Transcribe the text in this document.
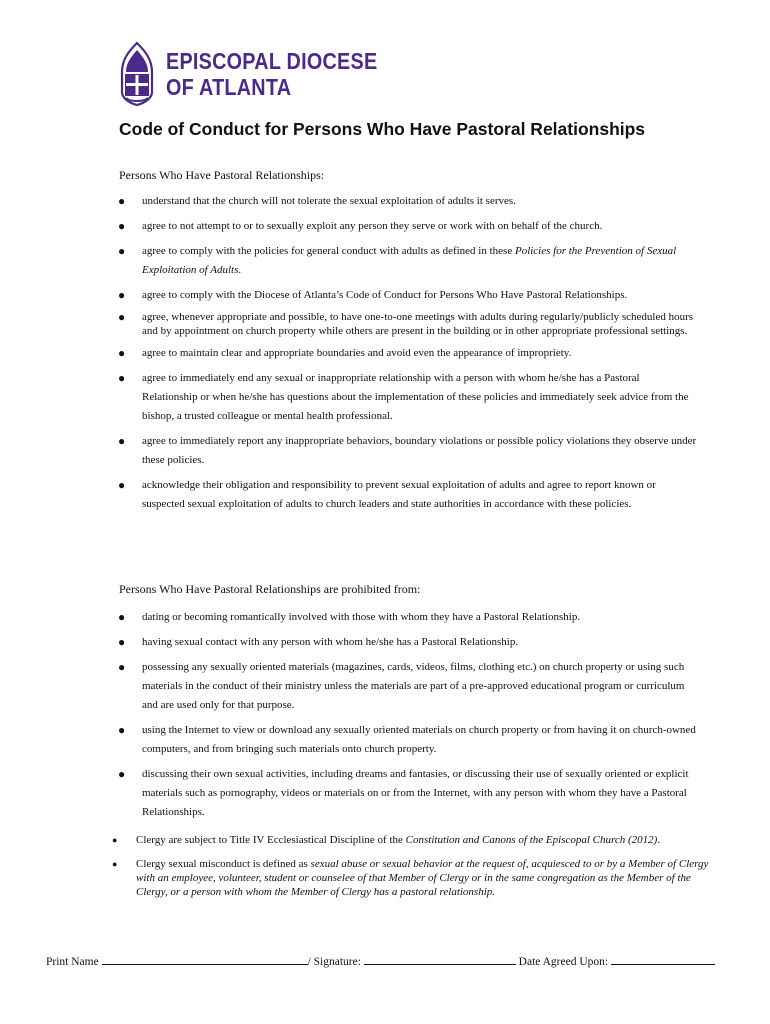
EPISCOPAL DIOCESE
OF ATLANTA
Code of Conduct for Persons Who Have Pastoral Relationships
Persons Who Have Pastoral Relationships:
● understand that the church will not tolerate the sexual exploitation of adults it serves.
● agree to not attempt to or to sexually exploit any person they serve or work with on behalf of the church.
● agree to comply with the policies for general conduct with adults as defined in these Policies for the Prevention of Sexual Exploitation of Adults.
● agree to comply with the Diocese of Atlanta’s Code of Conduct for Persons Who Have Pastoral Relationships.
● agree, whenever appropriate and possible, to have one-to-one meetings with adults during regularly/publicly scheduled hours and by appointment on church property while others are present in the building or in other appropriate professional settings.
● agree to maintain clear and appropriate boundaries and avoid even the appearance of impropriety.
● agree to immediately end any sexual or inappropriate relationship with a person with whom he/she has a Pastoral Relationship or when he/she has questions about the implementation of these policies and immediately seek advice from the bishop, a trusted colleague or mental health professional.
● agree to immediately report any inappropriate behaviors, boundary violations or possible policy violations they observe under these policies.
● acknowledge their obligation and responsibility to prevent sexual exploitation of adults and agree to report known or suspected sexual exploitation of adults to church leaders and state authorities in accordance with these policies.
Persons Who Have Pastoral Relationships are prohibited from:
● dating or becoming romantically involved with those with whom they have a Pastoral Relationship.
● having sexual contact with any person with whom he/she has a Pastoral Relationship.
● possessing any sexually oriented materials (magazines, cards, videos, films, clothing etc.) on church property or using such materials in the conduct of their ministry unless the materials are part of a pre-approved educational program or curriculum and are used only for that purpose.
● using the Internet to view or download any sexually oriented materials on church property or from having it on church-owned computers, and from bringing such materials onto church property.
● discussing their own sexual activities, including dreams and fantasies, or discussing their use of sexually oriented or explicit materials such as pornography, videos or materials on or from the Internet, with any person with whom they have a Pastoral Relationships.
● Clergy are subject to Title IV Ecclesiastical Discipline of the Constitution and Canons of the Episcopal Church (2012).
● Clergy sexual misconduct is defined as sexual abuse or sexual behavior at the request of, acquiesced to or by a Member of Clergy with an employee, volunteer, student or counselee of that Member of Clergy or in the same congregation as the Member of the Clergy, or a person with whom the Member of Clergy has a pastoral relationship.
Print Name	/ Signature:	Date Agreed Upon:
